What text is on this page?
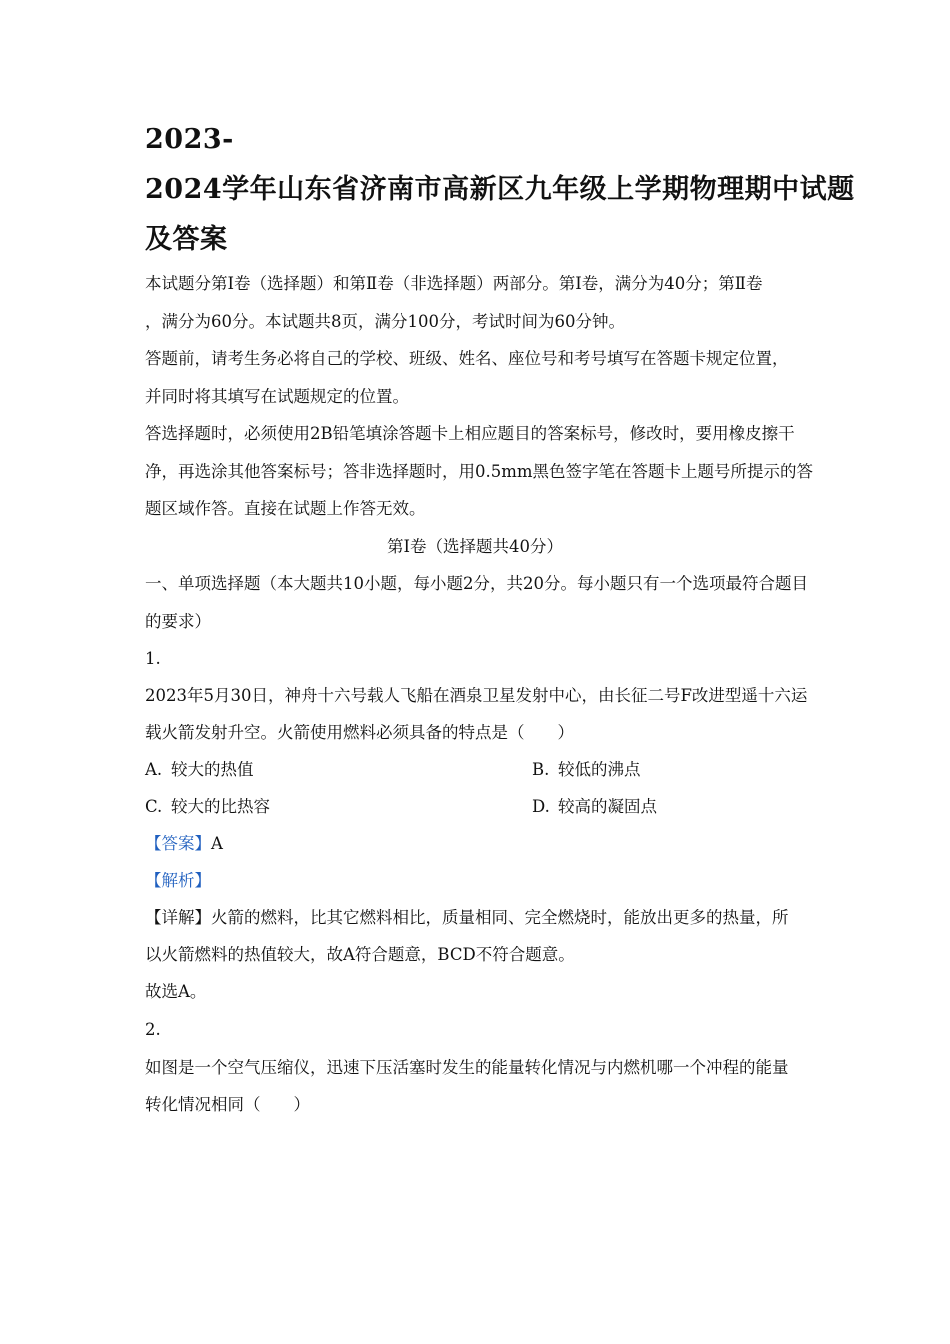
2023-
2024学年山东省济南市高新区九年级上学期物理期中试题
及答案
本试题分第Ⅰ卷（选择题）和第Ⅱ卷（非选择题）两部分。第Ⅰ卷，满分为40分；第Ⅱ卷
，满分为60分。本试题共8页，满分100分，考试时间为60分钟。
答题前，请考生务必将自己的学校、班级、姓名、座位号和考号填写在答题卡规定位置，
并同时将其填写在试题规定的位置。
答选择题时，必须使用2B铅笔填涂答题卡上相应题目的答案标号，修改时，要用橡皮擦干
净，再选涂其他答案标号；答非选择题时，用0.5mm黑色签字笔在答题卡上题号所提示的答
题区域作答。直接在试题上作答无效。
第Ⅰ卷（选择题共40分）
一、单项选择题（本大题共10小题，每小题2分，共20分。每小题只有一个选项最符合题目
的要求）
1.
2023年5月30日，神舟十六号载人飞船在酒泉卫星发射中心，由长征二号F改进型遥十六运
载火箭发射升空。火箭使用燃料必须具备的特点是（　　）
A. 较大的热值	B. 较低的沸点
C. 较大的比热容	D. 较高的凝固点
【答案】A
【解析】
【详解】火箭的燃料，比其它燃料相比，质量相同、完全燃烧时，能放出更多的热量，所
以火箭燃料的热值较大，故A符合题意，BCD不符合题意。
故选A。
2.
如图是一个空气压缩仪，迅速下压活塞时发生的能量转化情况与内燃机哪一个冲程的能量
转化情况相同（　　）
